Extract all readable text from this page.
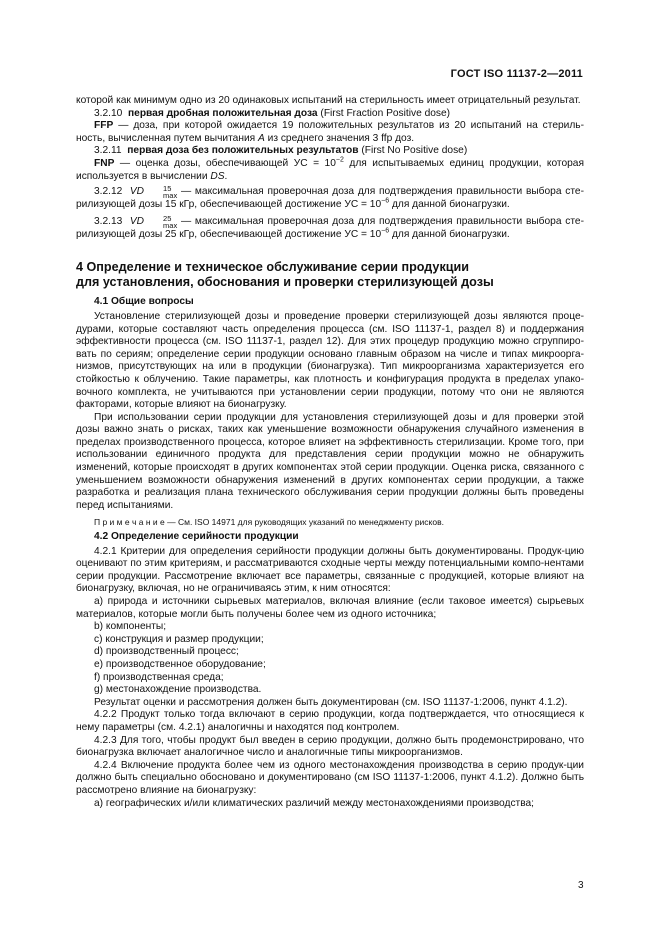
ГОСТ ISO 11137-2—2011

которой как минимум одно из 20 одинаковых испытаний на стерильность имеет отрицательный результат.

3.2.10 первая дробная положительная доза (First Fraction Positive dose)

FFP — доза, при которой ожидается 19 положительных результатов из 20 испытаний на стериль-ность, вычисленная путем вычитания A из среднего значения 3 ffp доз.

3.2.11 первая доза без положительных результатов (First No Positive dose)

FNP — оценка дозы, обеспечивающей УС = $10^{-2}$ для испытываемых единиц продукции, которая используется в вычислении DS.

3.2.12 VD	15
max — максимальная проверочная доза для подтверждения правильности выбора сте-рилизующей дозы 15 кГр, обеспечивающей достижение УС = $10^{-6}$ для данной бионагрузки.

3.2.13 VD	25
max — максимальная проверочная доза для подтверждения правильности выбора сте-рилизующей дозы 25 кГр, обеспечивающей достижение УС = $10^{-6}$ для данной бионагрузки.

4 Определение и техническое обслуживание серии продукции
для установления, обоснования и проверки стерилизующей дозы
4.1 Общие вопросы

Установление стерилизующей дозы и проведение проверки стерилизующей дозы являются проце-дурами, которые составляют часть определения процесса (см. ISO 11137-1, раздел 8) и поддержания эффективности процесса (см. ISO 11137-1, раздел 12). Для этих процедур продукцию можно сгруппиро-вать по сериям; определение серии продукции основано главным образом на числе и типах микроорга-низмов, присутствующих на или в продукции (бионагрузка). Тип микроорганизма характеризуется его стойкостью к облучению. Такие параметры, как плотность и конфигурация продукта в пределах упако-вочного комплекта, не учитываются при установлении серии продукции, потому что они не являются факторами, которые влияют на бионагрузку.

При использовании серии продукции для установления стерилизующей дозы и для проверки этой дозы важно знать о рисках, таких как уменьшение возможности обнаружения случайного изменения в пределах производственного процесса, которое влияет на эффективность стерилизации. Кроме того, при использовании единичного продукта для представления серии продукции можно не обнаружить изменений, которые происходят в других компонентах этой серии продукции. Оценка риска, связанного с уменьшением возможности обнаружения изменений в других компонентах серии продукции, а также разработка и реализация плана технического обслуживания серии продукции должны быть проведены перед испытаниями.

П р и м е ч а н и е — См. ISO 14971 для руководящих указаний по менеджменту рисков.

4.2 Определение серийности продукции

4.2.1 Критерии для определения серийности продукции должны быть документированы. Продук-цию оценивают по этим критериям, и рассматриваются сходные черты между потенциальными компо-нентами серии продукции. Рассмотрение включает все параметры, связанные с продукцией, которые влияют на бионагрузку, включая, но не ограничиваясь этим, к ним относятся:

a) природа и источники сырьевых материалов, включая влияние (если таковое имеется) сырьевых материалов, которые могли быть получены более чем из одного источника;

b) компоненты;

c) конструкция и размер продукции;

d) производственный процесс;

e) производственное оборудование;

f) производственная среда;

g) местонахождение производства.

Результат оценки и рассмотрения должен быть документирован (см. ISO 11137-1:2006, пункт 4.1.2).

4.2.2 Продукт только тогда включают в серию продукции, когда подтверждается, что относящиеся к нему параметры (см. 4.2.1) аналогичны и находятся под контролем.

4.2.3 Для того, чтобы продукт был введен в серию продукции, должно быть продемонстрировано, что бионагрузка включает аналогичное число и аналогичные типы микроорганизмов.

4.2.4 Включение продукта более чем из одного местонахождения производства в серию продук-ции должно быть специально обосновано и документировано (см ISO 11137-1:2006, пункт 4.1.2). Должно быть рассмотрено влияние на бионагрузку:

a) географических и/или климатических различий между местонахождениями производства;

3
